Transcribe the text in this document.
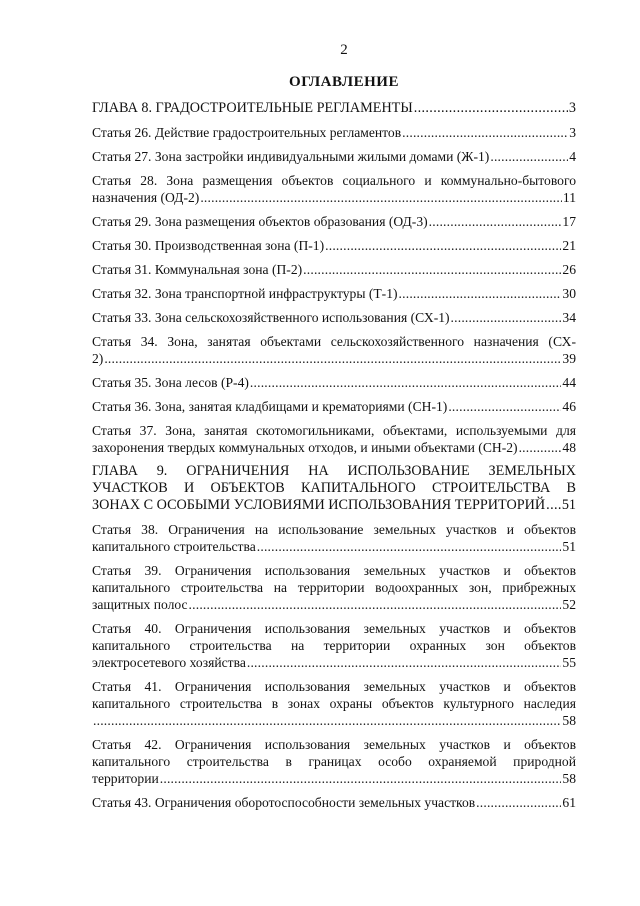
2
ОГЛАВЛЕНИЕ
ГЛАВА 8. ГРАДОСТРОИТЕЛЬНЫЕ РЕГЛАМЕНТЫ . . .	3
Статья 26. Действие градостроительных регламентов . . .	3
Статья 27. Зона застройки индивидуальными жилыми домами (Ж-1) . . .	4
Статья 28. Зона размещения объектов социального и коммунально-бытового
назначения (ОД-2) . . .	11
Статья 29. Зона размещения объектов образования (ОД-3) . . .	17
Статья 30. Производственная зона (П-1) . . .	21
Статья 31. Коммунальная зона (П-2) . . .	26
Статья 32. Зона транспортной инфраструктуры (Т-1) . . .	30
Статья 33. Зона сельскохозяйственного использования (СХ-1) . . .	34
Статья 34. Зона, занятая объектами сельскохозяйственного назначения (СХ-
2) . . .	39
Статья 35. Зона лесов (Р-4) . . .	44
Статья 36. Зона, занятая кладбищами и крематориями (СН-1) . . .	46
Статья 37. Зона, занятая скотомогильниками, объектами, используемыми для
захоронения твердых коммунальных отходов, и иными объектами (СН-2) . . .	48
ГЛАВА 9. ОГРАНИЧЕНИЯ НА ИСПОЛЬЗОВАНИЕ ЗЕМЕЛЬНЫХ УЧАСТКОВ И ОБЪЕКТОВ КАПИТАЛЬНОГО СТРОИТЕЛЬСТВА В
ЗОНАХ С ОСОБЫМИ УСЛОВИЯМИ ИСПОЛЬЗОВАНИЯ ТЕРРИТОРИЙ . . . 51
Статья 38. Ограничения на использование земельных участков и объектов
капитального строительства . . .	51
Статья 39. Ограничения использования земельных участков и объектов капитального строительства на территории водоохранных зон, прибрежных
защитных полос . . .	52
Статья 40. Ограничения использования земельных участков и объектов капитального строительства на территории охранных зон объектов
электросетевого хозяйства . . .	55
Статья 41. Ограничения использования земельных участков и объектов капитального строительства в зонах охраны объектов культурного наследия
. . .
58
Статья 42. Ограничения использования земельных участков и объектов капитального строительства в границах особо охраняемой природной
территории . . .	58
Статья 43. Ограничения оборотоспособности земельных участков . . .	61
